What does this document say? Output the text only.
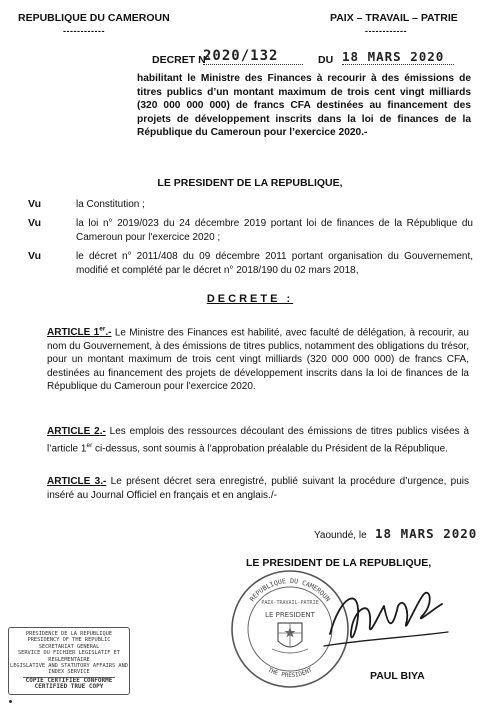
REPUBLIQUE DU CAMEROUN
------------
PAIX – TRAVAIL – PATRIE
------------
DECRET N°
2020/132	DU 18 MARS 2020
habilitant le Ministre des Finances à recourir à des émissions de titres publics d’un montant maximum de trois cent vingt milliards (320 000 000 000) de francs CFA destinées au financement des projets de développement inscrits dans la loi de finances de la République du Cameroun pour l’exercice 2020.-
LE PRESIDENT DE LA REPUBLIQUE,
Vu	la Constitution ;
Vu	la loi n° 2019/023 du 24 décembre 2019 portant loi de finances de la République du Cameroun pour l'exercice 2020 ;
Vu	le décret n° 2011/408 du 09 décembre 2011 portant organisation du Gouvernement, modifié et complété par le décret n° 2018/190 du 02 mars 2018,
DECRETE :
ARTICLE 1er.- Le Ministre des Finances est habilité, avec faculté de délégation, à recourir, au nom du Gouvernement, à des émissions de titres publics, notamment des obligations du trésor, pour un montant maximum de trois cent vingt milliards (320 000 000 000) de francs CFA, destinées au financement des projets de développement inscrits dans la loi de finances de la République du Cameroun pour l'exercice 2020.
ARTICLE 2.- Les emplois des ressources découlant des émissions de titres publics visées à l’article 1er ci-dessus, sont soumis à l’approbation préalable du Président de la République.
ARTICLE 3.- Le présent décret sera enregistré, publié suivant la procédure d’urgence, puis inséré au Journal Officiel en français et en anglais./-
Yaoundé, le 18 MARS 2020
LE PRESIDENT DE LA REPUBLIQUE,
REPUBLIQUE DU CAMEROUN
THE PRESIDENT
PAIX-TRAVAIL-PATRIE
LE PRESIDENT
PAUL BIYA
PRESIDENCE DE LA REPUBLIQUE
PRESIDENCY OF THE REPUBLIC
SECRETARIAT GENERAL
SERVICE DU FICHIER LEGISLATIF ET REGLEMENTAIRE
LEGISLATIVE AND STATUTORY AFFAIRS AND INDEX SERVICE
COPIE CERTIFIEE CONFORME
CERTIFIED TRUE COPY
